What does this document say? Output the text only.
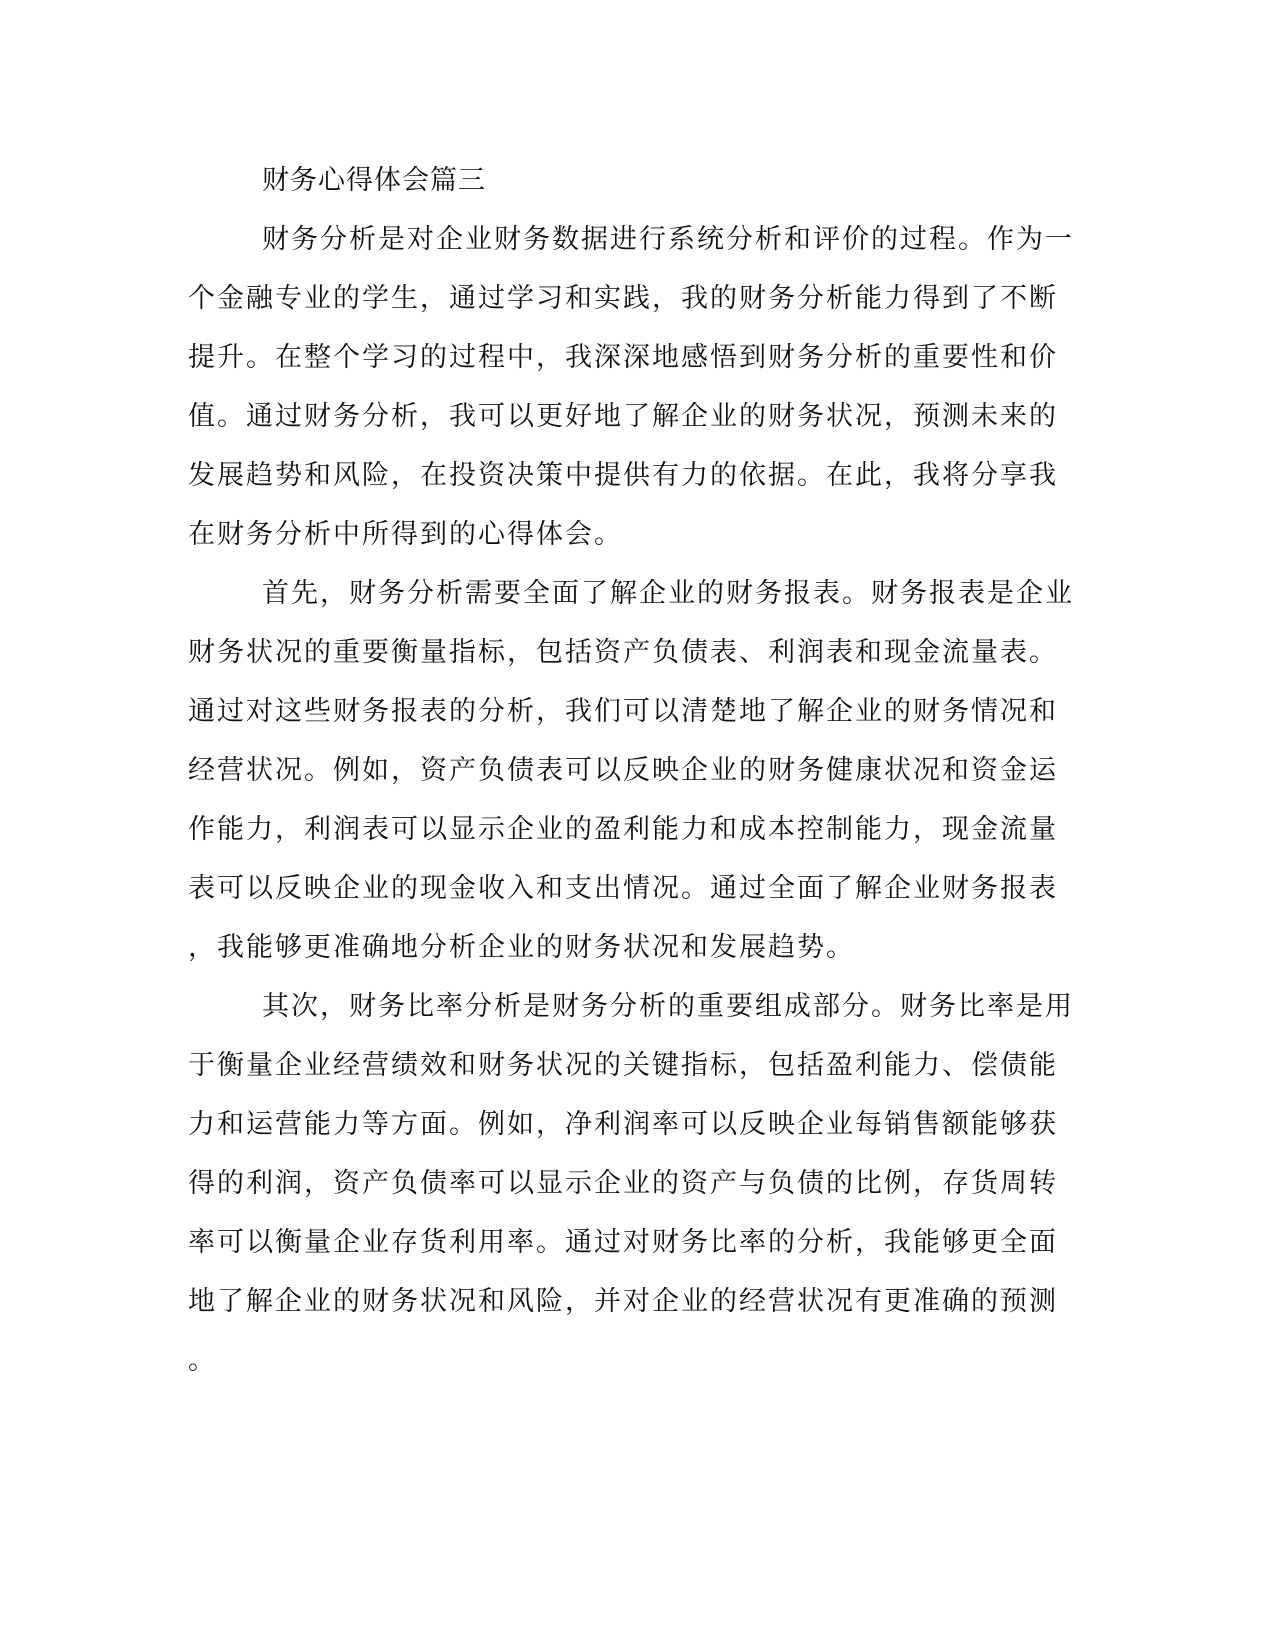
财务心得体会篇三

财务分析是对企业财务数据进行系统分析和评价的过程。作为一

个金融专业的学生，通过学习和实践，我的财务分析能力得到了不断

提升。在整个学习的过程中，我深深地感悟到财务分析的重要性和价

值。通过财务分析，我可以更好地了解企业的财务状况，预测未来的

发展趋势和风险，在投资决策中提供有力的依据。在此，我将分享我

在财务分析中所得到的心得体会。

首先，财务分析需要全面了解企业的财务报表。财务报表是企业

财务状况的重要衡量指标，包括资产负债表、利润表和现金流量表。

通过对这些财务报表的分析，我们可以清楚地了解企业的财务情况和

经营状况。例如，资产负债表可以反映企业的财务健康状况和资金运

作能力，利润表可以显示企业的盈利能力和成本控制能力，现金流量

表可以反映企业的现金收入和支出情况。通过全面了解企业财务报表

，我能够更准确地分析企业的财务状况和发展趋势。

其次，财务比率分析是财务分析的重要组成部分。财务比率是用

于衡量企业经营绩效和财务状况的关键指标，包括盈利能力、偿债能

力和运营能力等方面。例如，净利润率可以反映企业每销售额能够获

得的利润，资产负债率可以显示企业的资产与负债的比例，存货周转

率可以衡量企业存货利用率。通过对财务比率的分析，我能够更全面

地了解企业的财务状况和风险，并对企业的经营状况有更准确的预测

。
